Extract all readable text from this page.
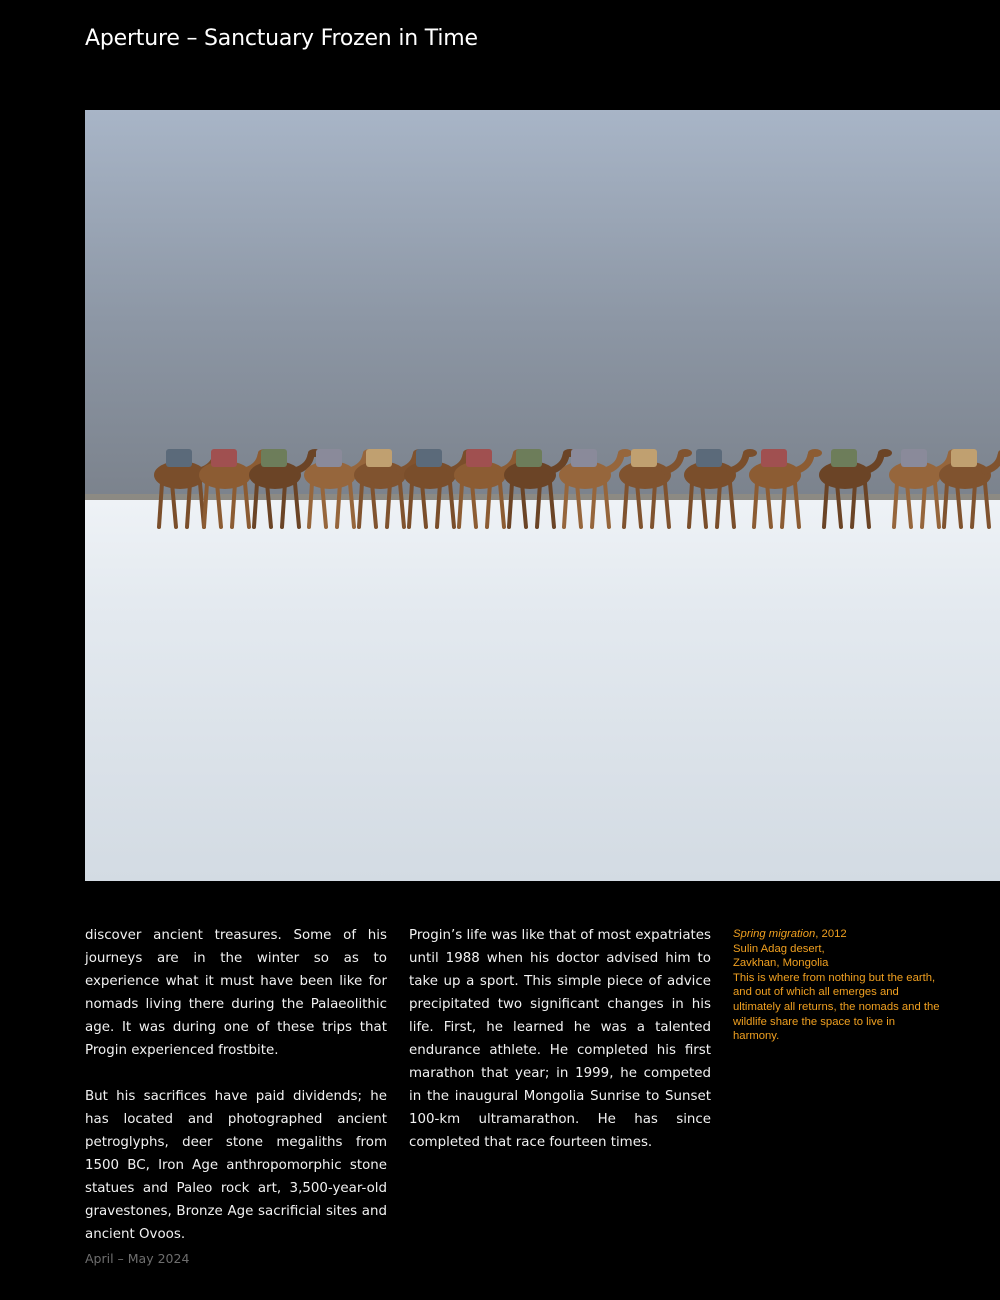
Aperture – Sanctuary Frozen in Time

discover ancient treasures. Some of his journeys are in the winter so as to experience what it must have been like for nomads living there during the Palaeolithic age. It was during one of these trips that Progin experienced frostbite.

But his sacrifices have paid dividends; he has located and photographed ancient petroglyphs, deer stone megaliths from 1500 BC, Iron Age anthropomorphic stone statues and Paleo rock art, 3,500-year-old gravestones, Bronze Age sacrificial sites and ancient Ovoos.

Progin’s life was like that of most expatriates until 1988 when his doctor advised him to take up a sport. This simple piece of advice precipitated two significant changes in his life. First, he learned he was a talented endurance athlete. He completed his first marathon that year; in 1999, he competed in the inaugural Mongolia Sunrise to Sunset 100-km ultramarathon. He has since completed that race fourteen times.

Spring migration, 2012
Sulin Adag desert,
Zavkhan, Mongolia
This is where from nothing but the earth, and out of which all emerges and ultimately all returns, the nomads and the wildlife share the space to live in harmony.
April – May 2024
